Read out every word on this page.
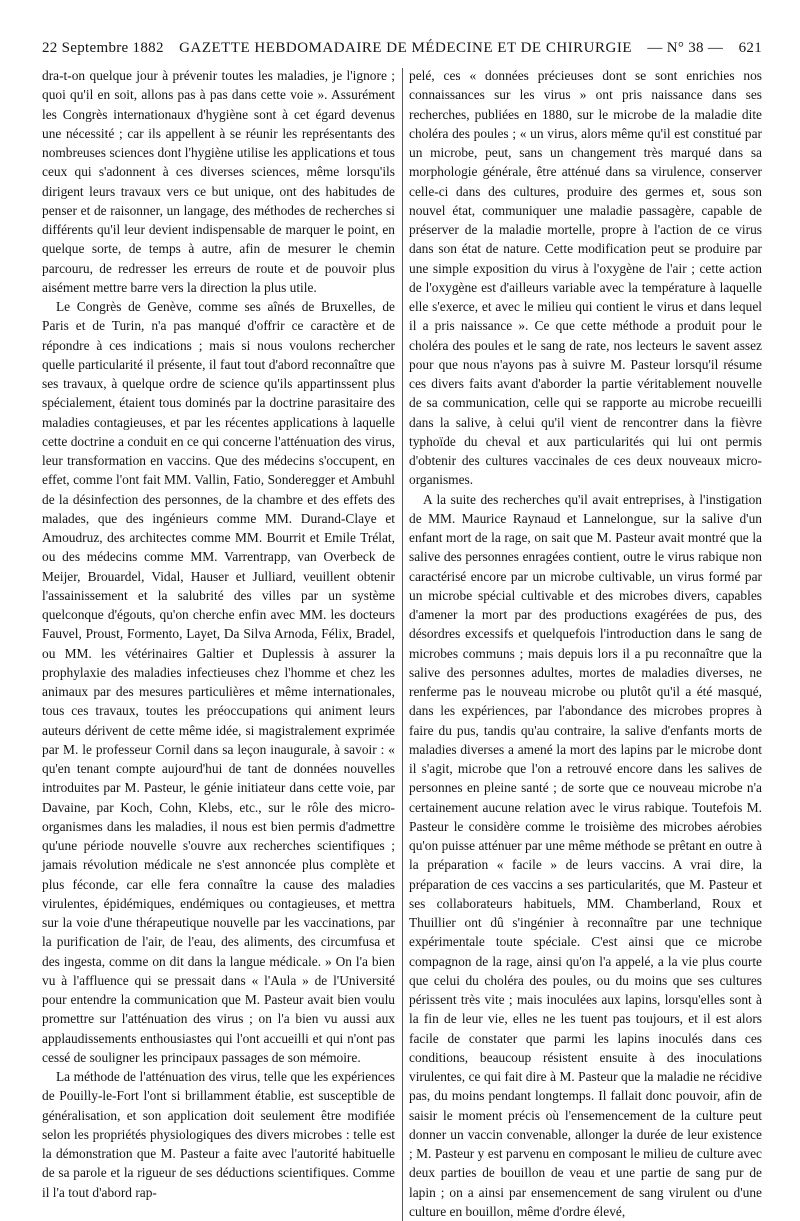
22 Septembre 1882 GAZETTE HEBDOMADAIRE DE MÉDECINE ET DE CHIRURGIE — N° 38 — 621

dra-t-on quelque jour à prévenir toutes les maladies, je l'ignore ; quoi qu'il en soit, allons pas à pas dans cette voie ». Assurément les Congrès internationaux d'hygiène sont à cet égard devenus une nécessité ; car ils appellent à se réunir les représentants des nombreuses sciences dont l'hygiène utilise les applications et tous ceux qui s'adonnent à ces diverses sciences, même lorsqu'ils dirigent leurs travaux vers ce but unique, ont des habitudes de penser et de raisonner, un langage, des méthodes de recherches si différents qu'il leur devient indispensable de marquer le point, en quelque sorte, de temps à autre, afin de mesurer le chemin parcouru, de redresser les erreurs de route et de pouvoir plus aisément mettre barre vers la direction la plus utile.

Le Congrès de Genève, comme ses aînés de Bruxelles, de Paris et de Turin, n'a pas manqué d'offrir ce caractère et de répondre à ces indications ; mais si nous voulons rechercher quelle particularité il présente, il faut tout d'abord reconnaître que ses travaux, à quelque ordre de science qu'ils appartinssent plus spécialement, étaient tous dominés par la doctrine parasitaire des maladies contagieuses, et par les récentes applications à laquelle cette doctrine a conduit en ce qui concerne l'atténuation des virus, leur transformation en vaccins. Que des médecins s'occupent, en effet, comme l'ont fait MM. Vallin, Fatio, Sonderegger et Ambuhl de la désinfection des personnes, de la chambre et des effets des malades, que des ingénieurs comme MM. Durand-Claye et Amoudruz, des architectes comme MM. Bourrit et Emile Trélat, ou des médecins comme MM. Varrentrapp, van Overbeck de Meijer, Brouardel, Vidal, Hauser et Julliard, veuillent obtenir l'assainissement et la salubrité des villes par un système quelconque d'égouts, qu'on cherche enfin avec MM. les docteurs Fauvel, Proust, Formento, Layet, Da Silva Arnoda, Félix, Bradel, ou MM. les vétérinaires Galtier et Duplessis à assurer la prophylaxie des maladies infectieuses chez l'homme et chez les animaux par des mesures particulières et même internationales, tous ces travaux, toutes les préoccupations qui animent leurs auteurs dérivent de cette même idée, si magistralement exprimée par M. le professeur Cornil dans sa leçon inaugurale, à savoir : « qu'en tenant compte aujourd'hui de tant de données nouvelles introduites par M. Pasteur, le génie initiateur dans cette voie, par Davaine, par Koch, Cohn, Klebs, etc., sur le rôle des micro-organismes dans les maladies, il nous est bien permis d'admettre qu'une période nouvelle s'ouvre aux recherches scientifiques ; jamais révolution médicale ne s'est annoncée plus complète et plus féconde, car elle fera connaître la cause des maladies virulentes, épidémiques, endémiques ou contagieuses, et mettra sur la voie d'une thérapeutique nouvelle par les vaccinations, par la purification de l'air, de l'eau, des aliments, des circumfusa et des ingesta, comme on dit dans la langue médicale. » On l'a bien vu à l'affluence qui se pressait dans « l'Aula » de l'Université pour entendre la communication que M. Pasteur avait bien voulu promettre sur l'atténuation des virus ; on l'a bien vu aussi aux applaudissements enthousiastes qui l'ont accueilli et qui n'ont pas cessé de souligner les principaux passages de son mémoire.

La méthode de l'atténuation des virus, telle que les expériences de Pouilly-le-Fort l'ont si brillamment établie, est susceptible de généralisation, et son application doit seulement être modifiée selon les propriétés physiologiques des divers microbes : telle est la démonstration que M. Pasteur a faite avec l'autorité habituelle de sa parole et la rigueur de ses déductions scientifiques. Comme il l'a tout d'abord rap-

pelé, ces « données précieuses dont se sont enrichies nos connaissances sur les virus » ont pris naissance dans ses recherches, publiées en 1880, sur le microbe de la maladie dite choléra des poules ; « un virus, alors même qu'il est constitué par un microbe, peut, sans un changement très marqué dans sa morphologie générale, être atténué dans sa virulence, conserver celle-ci dans des cultures, produire des germes et, sous son nouvel état, communiquer une maladie passagère, capable de préserver de la maladie mortelle, propre à l'action de ce virus dans son état de nature. Cette modification peut se produire par une simple exposition du virus à l'oxygène de l'air ; cette action de l'oxygène est d'ailleurs variable avec la température à laquelle elle s'exerce, et avec le milieu qui contient le virus et dans lequel il a pris naissance ». Ce que cette méthode a produit pour le choléra des poules et le sang de rate, nos lecteurs le savent assez pour que nous n'ayons pas à suivre M. Pasteur lorsqu'il résume ces divers faits avant d'aborder la partie véritablement nouvelle de sa communication, celle qui se rapporte au microbe recueilli dans la salive, à celui qu'il vient de rencontrer dans la fièvre typhoïde du cheval et aux particularités qui lui ont permis d'obtenir des cultures vaccinales de ces deux nouveaux micro-organismes.

A la suite des recherches qu'il avait entreprises, à l'instigation de MM. Maurice Raynaud et Lannelongue, sur la salive d'un enfant mort de la rage, on sait que M. Pasteur avait montré que la salive des personnes enragées contient, outre le virus rabique non caractérisé encore par un microbe cultivable, un virus formé par un microbe spécial cultivable et des microbes divers, capables d'amener la mort par des productions exagérées de pus, des désordres excessifs et quelquefois l'introduction dans le sang de microbes communs ; mais depuis lors il a pu reconnaître que la salive des personnes adultes, mortes de maladies diverses, ne renferme pas le nouveau microbe ou plutôt qu'il a été masqué, dans les expériences, par l'abondance des microbes propres à faire du pus, tandis qu'au contraire, la salive d'enfants morts de maladies diverses a amené la mort des lapins par le microbe dont il s'agit, microbe que l'on a retrouvé encore dans les salives de personnes en pleine santé ; de sorte que ce nouveau microbe n'a certainement aucune relation avec le virus rabique. Toutefois M. Pasteur le considère comme le troisième des microbes aérobies qu'on puisse atténuer par une même méthode se prêtant en outre à la préparation « facile » de leurs vaccins. A vrai dire, la préparation de ces vaccins a ses particularités, que M. Pasteur et ses collaborateurs habituels, MM. Chamberland, Roux et Thuillier ont dû s'ingénier à reconnaître par une technique expérimentale toute spéciale. C'est ainsi que ce microbe compagnon de la rage, ainsi qu'on l'a appelé, a la vie plus courte que celui du choléra des poules, ou du moins que ses cultures périssent très vite ; mais inoculées aux lapins, lorsqu'elles sont à la fin de leur vie, elles ne les tuent pas toujours, et il est alors facile de constater que parmi les lapins inoculés dans ces conditions, beaucoup résistent ensuite à des inoculations virulentes, ce qui fait dire à M. Pasteur que la maladie ne récidive pas, du moins pendant longtemps. Il fallait donc pouvoir, afin de saisir le moment précis où l'ensemencement de la culture peut donner un vaccin convenable, allonger la durée de leur existence ; M. Pasteur y est parvenu en composant le milieu de culture avec deux parties de bouillon de veau et une partie de sang pur de lapin ; on a ainsi par ensemencement de sang virulent ou d'une culture en bouillon, même d'ordre élevé,
